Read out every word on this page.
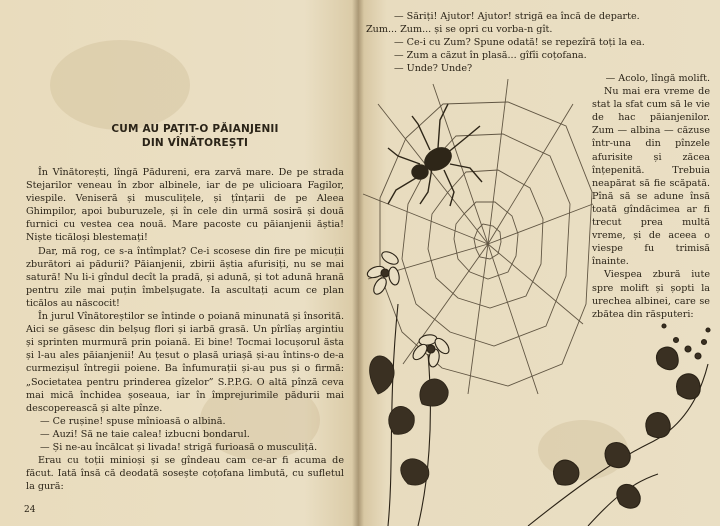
CUM AU PAȚIT-O PĂIANJENII
DIN VÎNĂTOREȘTI

În Vînătorești, lîngă Pădureni, era zarvă mare. De pe strada Stejarilor veneau în zbor albinele, iar de pe ulicioara Fagilor, viespile. Veniseră și musculițele, și țînțarii de pe Aleea Ghimpilor, apoi buburuzele, și în cele din urmă sosiră și două furnici cu vestea cea nouă. Mare pacoste cu păianjenii ăștia! Niște ticăloși blestemați!

Dar, mă rog, ce s-a întîmplat? Ce-i scosese din fire pe micuții zburători ai pădurii? Păianjenii, zbirii ăștia afurisiți, nu se mai satură! Nu li-i gîndul decît la pradă, și adună, și tot adună hrană pentru zile mai puțin îmbelșugate. Ia ascultați acum ce plan ticălos au născocit!

În jurul Vînătoreștilor se întinde o poiană minunată și însorită. Aici se găsesc din belșug flori și iarbă grasă. Un pîrlîaș argintiu și sprinten murmură prin poiană. Ei bine! Tocmai locușorul ăsta și l-au ales păianjenii! Au țesut o plasă uriașă și-au întins-o de-a curmezișul întregii poiene. Ba înfumurații și-au pus și o firmă: „Societatea pentru prinderea gîzelor” S.P.P.G. O altă pînză ceva mai mică închidea șoseaua, iar în împrejurimile pădurii mai descoperească și alte pînze.

— Ce rușine! spuse mînioasă o albină.

— Auzi! Să ne taie calea! izbucni bondarul.

— Și ne-au încălcat și livada! strigă furioasă o musculiță.

Erau cu toții minioși și se gîndeau cam ce-ar fi acuma de făcut. Iată însă că deodată sosește coțofana limbută, cu sufletul la gură:

24

— Săriți! Ajutor! Ajutor! strigă ea încă de departe.

Zum... Zum... și se opri cu vorba-n gît.

— Ce-i cu Zum? Spune odată! se repezîră toți la ea.

— Zum a căzut în plasă... gîfîi coțofana.

— Unde? Unde?

— Acolo, lîngă molift.

Nu mai era vreme de stat la sfat cum să le vie de hac păianjenilor. Zum — albina — căzuse într-una din pînzele afurisite și zăcea înțepenită. Trebuia neapărat să fie scăpată. Pînă să se adune însă toată gîndăcimea ar fi trecut prea multă vreme, și de aceea o viespe fu trimisă înainte.

Viespea zbură iute spre molift și șopti la urechea albinei, care se zbătea din răsputeri:
